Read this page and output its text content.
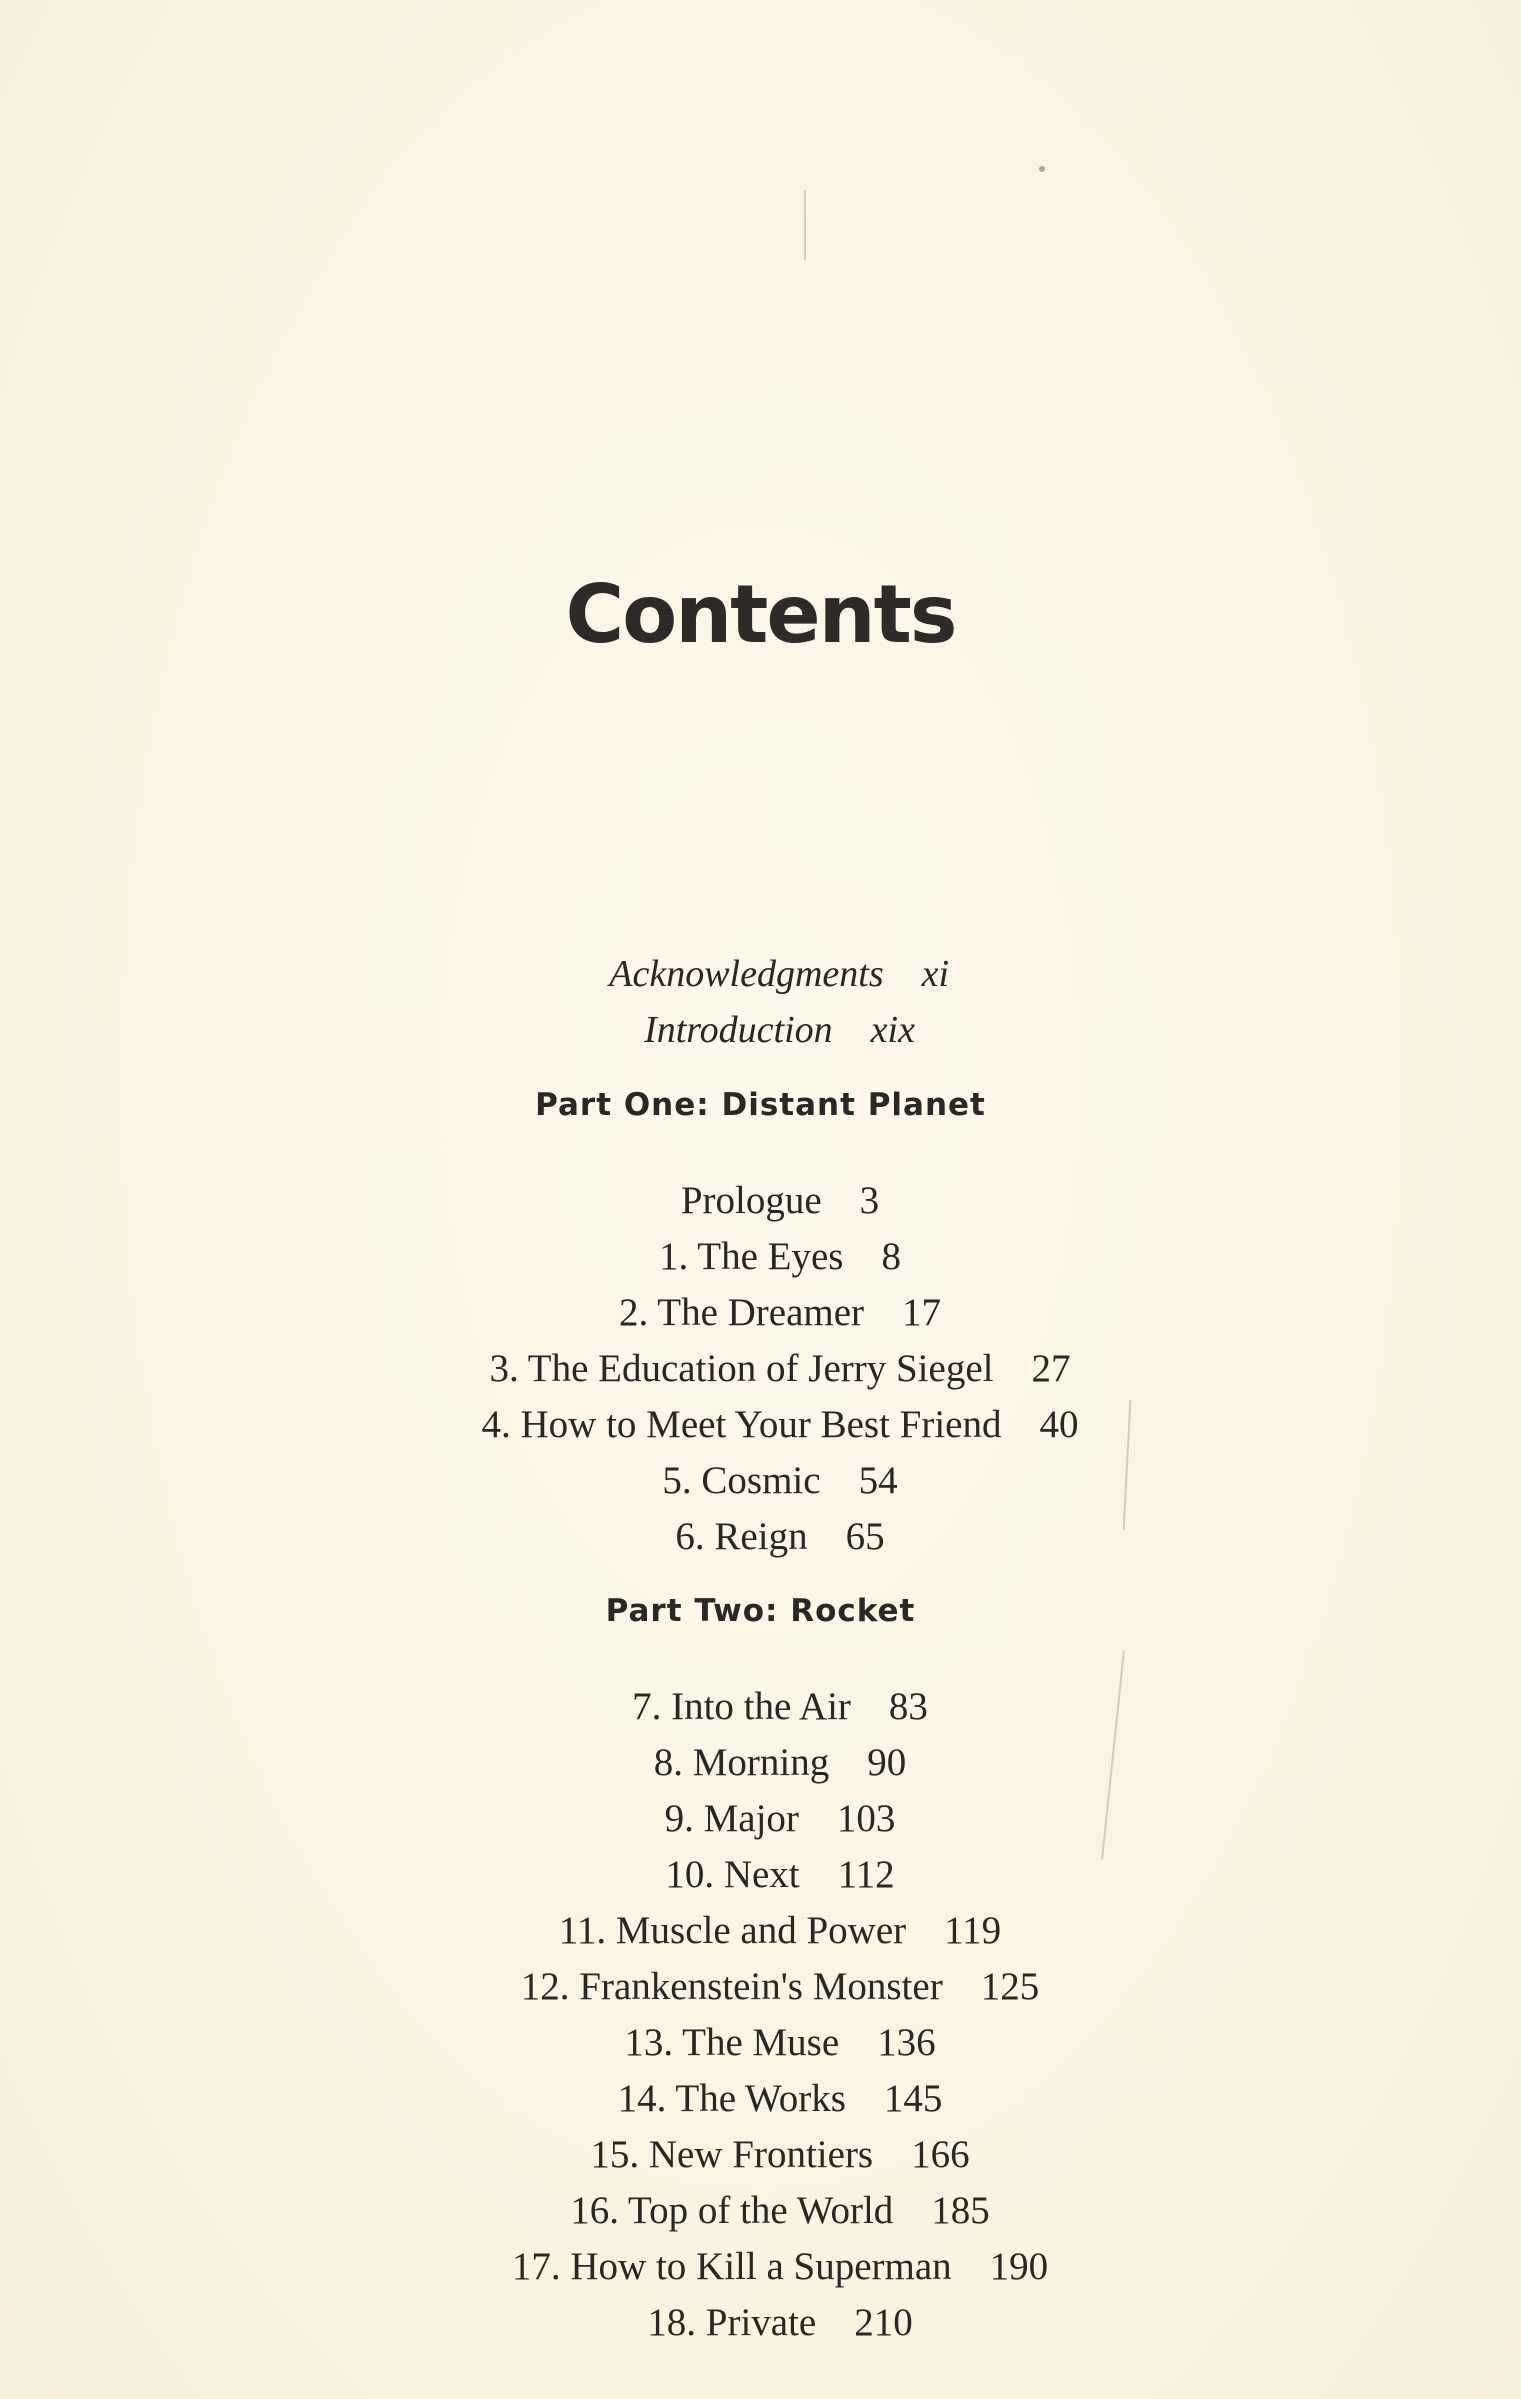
Contents

Acknowledgments xi

Introduction xix

Part One: Distant Planet

Prologue 3

1. The Eyes 8

2. The Dreamer 17

3. The Education of Jerry Siegel 27

4. How to Meet Your Best Friend 40

5. Cosmic 54

6. Reign 65

Part Two: Rocket

7. Into the Air 83

8. Morning 90

9. Major 103

10. Next 112

11. Muscle and Power 119

12. Frankenstein's Monster 125

13. The Muse 136

14. The Works 145

15. New Frontiers 166

16. Top of the World 185

17. How to Kill a Superman 190

18. Private 210
